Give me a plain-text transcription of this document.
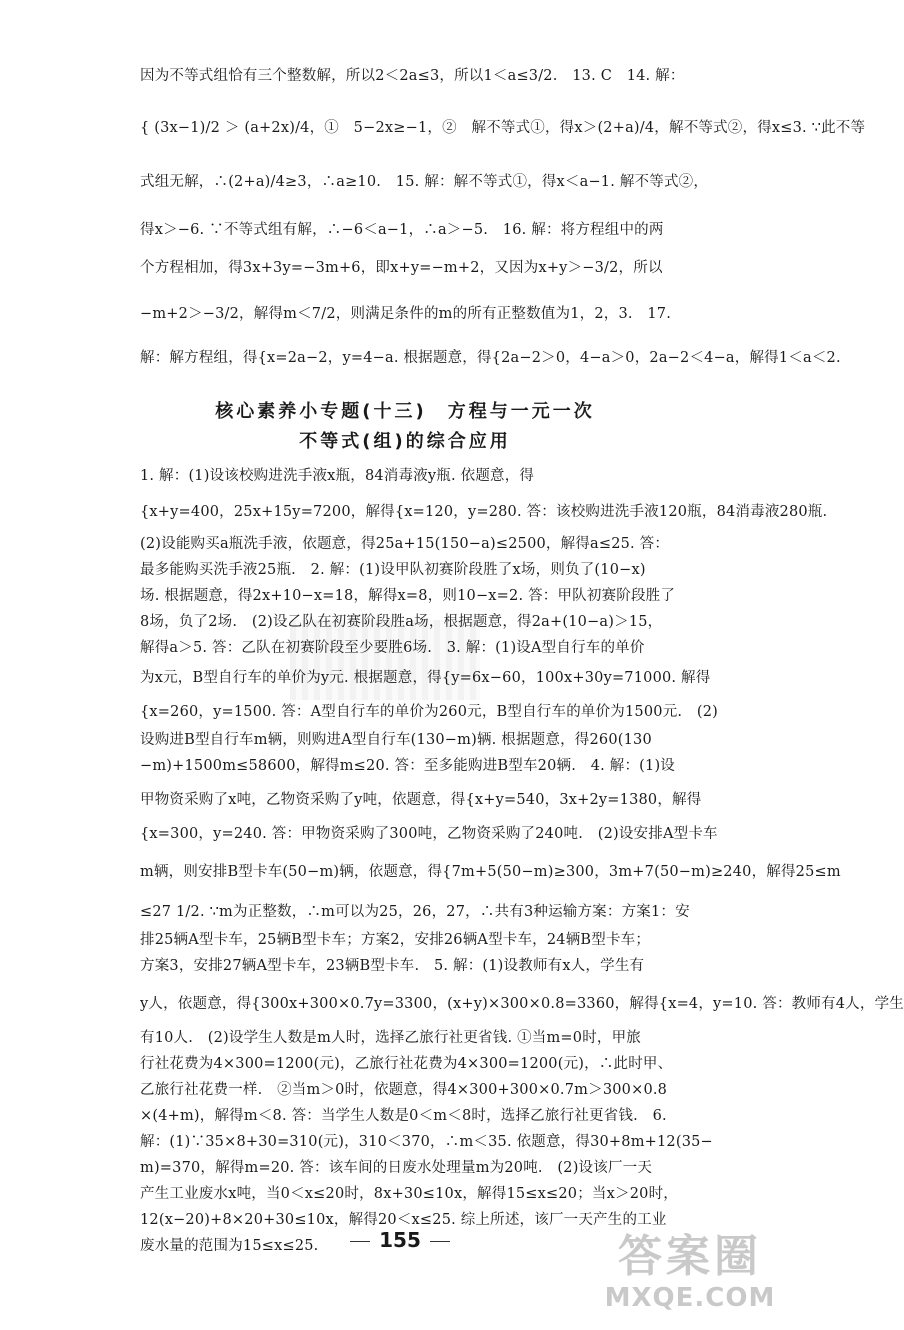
因为不等式组恰有三个整数解，所以2＜2a≤3，所以1＜a≤3/2.　13. C　14. 解：
{ (3x−1)/2 ＞ (a+2x)/4，①　5−2x≥−1，②　解不等式①，得x＞(2+a)/4，解不等式②，得x≤3. ∵此不等
式组无解，∴(2+a)/4≥3，∴a≥10.　15. 解：解不等式①，得x＜a−1. 解不等式②，
得x＞−6. ∵不等式组有解，∴−6＜a−1，∴a＞−5.　16. 解：将方程组中的两
个方程相加，得3x+3y=−3m+6，即x+y=−m+2，又因为x+y＞−3/2，所以
−m+2＞−3/2，解得m＜7/2，则满足条件的m的所有正整数值为1，2，3.　17.
解：解方程组，得{x=2a−2，y=4−a. 根据题意，得{2a−2＞0，4−a＞0，2a−2＜4−a，解得1＜a＜2.
核心素养小专题(十三)　方程与一元一次
不等式(组)的综合应用
1. 解：(1)设该校购进洗手液x瓶，84消毒液y瓶. 依题意，得
{x+y=400，25x+15y=7200，解得{x=120，y=280. 答：该校购进洗手液120瓶，84消毒液280瓶.
(2)设能购买a瓶洗手液，依题意，得25a+15(150−a)≤2500，解得a≤25. 答：
最多能购买洗手液25瓶.　2. 解：(1)设甲队初赛阶段胜了x场，则负了(10−x)
场. 根据题意，得2x+10−x=18，解得x=8，则10−x=2. 答：甲队初赛阶段胜了
8场，负了2场.　(2)设乙队在初赛阶段胜a场，根据题意，得2a+(10−a)＞15，
解得a＞5. 答：乙队在初赛阶段至少要胜6场.　3. 解：(1)设A型自行车的单价
为x元，B型自行车的单价为y元. 根据题意，得{y=6x−60，100x+30y=71000. 解得
{x=260，y=1500. 答：A型自行车的单价为260元，B型自行车的单价为1500元.　(2)
设购进B型自行车m辆，则购进A型自行车(130−m)辆. 根据题意，得260(130
−m)+1500m≤58600，解得m≤20. 答：至多能购进B型车20辆.　4. 解：(1)设
甲物资采购了x吨，乙物资采购了y吨，依题意，得{x+y=540，3x+2y=1380，解得
{x=300，y=240. 答：甲物资采购了300吨，乙物资采购了240吨.　(2)设安排A型卡车
m辆，则安排B型卡车(50−m)辆，依题意，得{7m+5(50−m)≥300，3m+7(50−m)≥240，解得25≤m
≤27 1/2. ∵m为正整数，∴m可以为25，26，27，∴共有3种运输方案：方案1：安
排25辆A型卡车，25辆B型卡车；方案2，安排26辆A型卡车，24辆B型卡车；
方案3，安排27辆A型卡车，23辆B型卡车.　5. 解：(1)设教师有x人，学生有
y人，依题意，得{300x+300×0.7y=3300，(x+y)×300×0.8=3360，解得{x=4，y=10. 答：教师有4人，学生
有10人.　(2)设学生人数是m人时，选择乙旅行社更省钱. ①当m=0时，甲旅
行社花费为4×300=1200(元)，乙旅行社花费为4×300=1200(元)，∴此时甲、
乙旅行社花费一样.　②当m＞0时，依题意，得4×300+300×0.7m＞300×0.8
×(4+m)，解得m＜8. 答：当学生人数是0＜m＜8时，选择乙旅行社更省钱.　6.
解：(1)∵35×8+30=310(元)，310＜370，∴m＜35. 依题意，得30+8m+12(35−
m)=370，解得m=20. 答：该车间的日废水处理量m为20吨.　(2)设该厂一天
产生工业废水x吨，当0＜x≤20时，8x+30≤10x，解得15≤x≤20；当x＞20时，
12(x−20)+8×20+30≤10x，解得20＜x≤25. 综上所述，该厂一天产生的工业
废水量的范围为15≤x≤25.	155	答案圈
MXQE.COM
